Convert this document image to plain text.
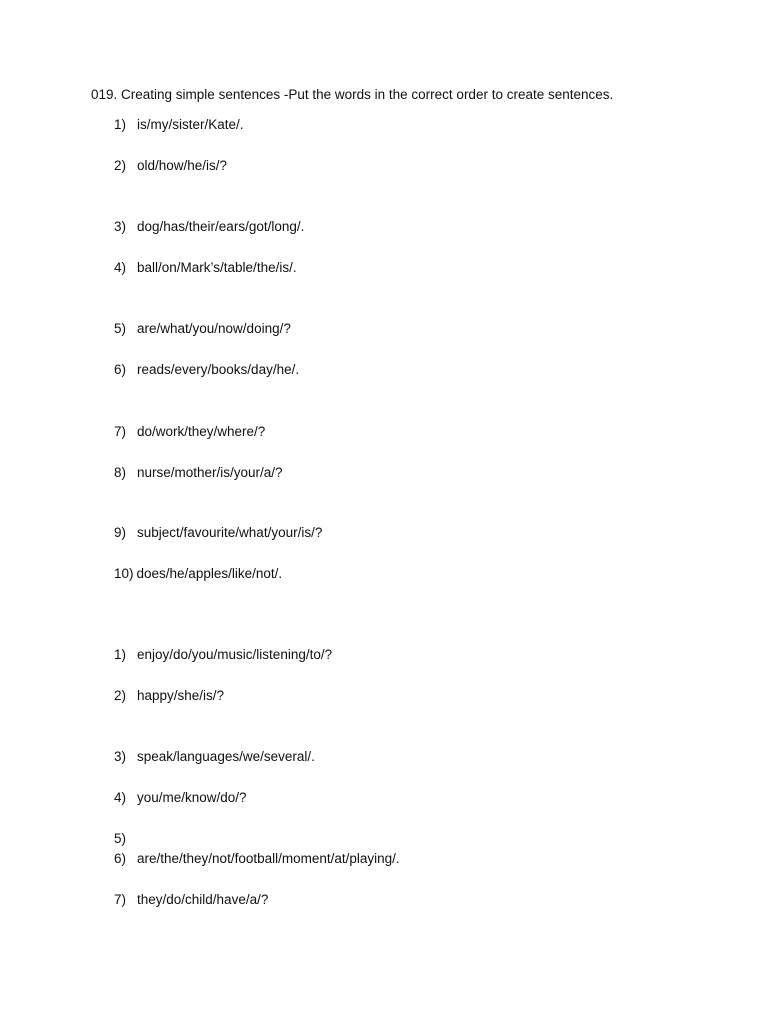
019. Creating simple sentences -Put the words in the correct order to create sentences.
1) is/my/sister/Kate/.
2) old/how/he/is/?
3) dog/has/their/ears/got/long/.
4) ball/on/Mark’s/table/the/is/.
5) are/what/you/now/doing/?
6) reads/every/books/day/he/.
7) do/work/they/where/?
8) nurse/mother/is/your/a/?
9) subject/favourite/what/your/is/?
10) does/he/apples/like/not/.
1) enjoy/do/you/music/listening/to/?
2) happy/she/is/?
3) speak/languages/we/several/.
4) you/me/know/do/?
5)
6) are/the/they/not/football/moment/at/playing/.
7) they/do/child/have/a/?
